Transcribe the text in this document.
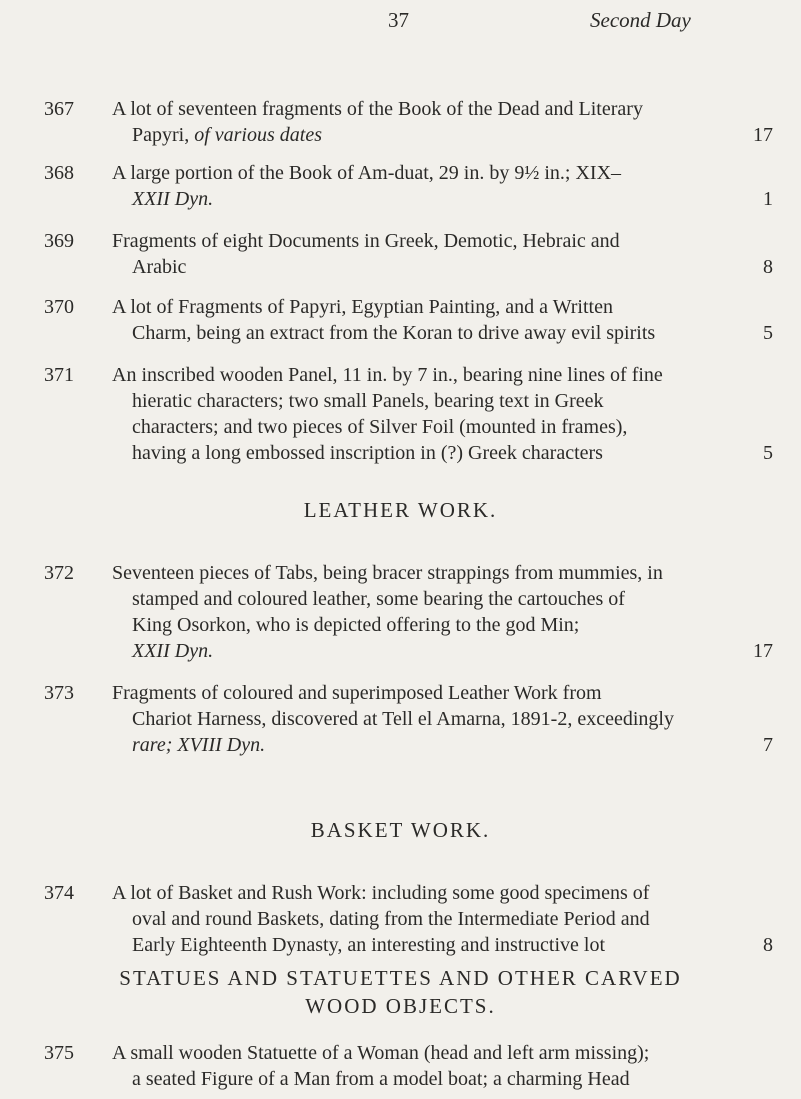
37	Second Day
367	A lot of seventeen fragments of the Book of the Dead and Literary
Papyri, of various dates	17
368	A large portion of the Book of Am-duat, 29 in. by 9½ in.; XIX–
XXII Dyn.	1
369	Fragments of eight Documents in Greek, Demotic, Hebraic and
Arabic	8
370	A lot of Fragments of Papyri, Egyptian Painting, and a Written
Charm, being an extract from the Koran to drive away evil spirits	5
371	An inscribed wooden Panel, 11 in. by 7 in., bearing nine lines of fine
hieratic characters; two small Panels, bearing text in Greek
characters; and two pieces of Silver Foil (mounted in frames),
having a long embossed inscription in (?) Greek characters	5
LEATHER WORK.
372	Seventeen pieces of Tabs, being bracer strappings from mummies, in
stamped and coloured leather, some bearing the cartouches of
King Osorkon, who is depicted offering to the god Min;
XXII Dyn.	17
373	Fragments of coloured and superimposed Leather Work from
Chariot Harness, discovered at Tell el Amarna, 1891-2, exceedingly
rare; XVIII Dyn.	7
BASKET WORK.
374	A lot of Basket and Rush Work: including some good specimens of
oval and round Baskets, dating from the Intermediate Period and
Early Eighteenth Dynasty, an interesting and instructive lot	8
STATUES AND STATUETTES AND OTHER CARVED
WOOD OBJECTS.
375	A small wooden Statuette of a Woman (head and left arm missing);
a seated Figure of a Man from a model boat; a charming Head
